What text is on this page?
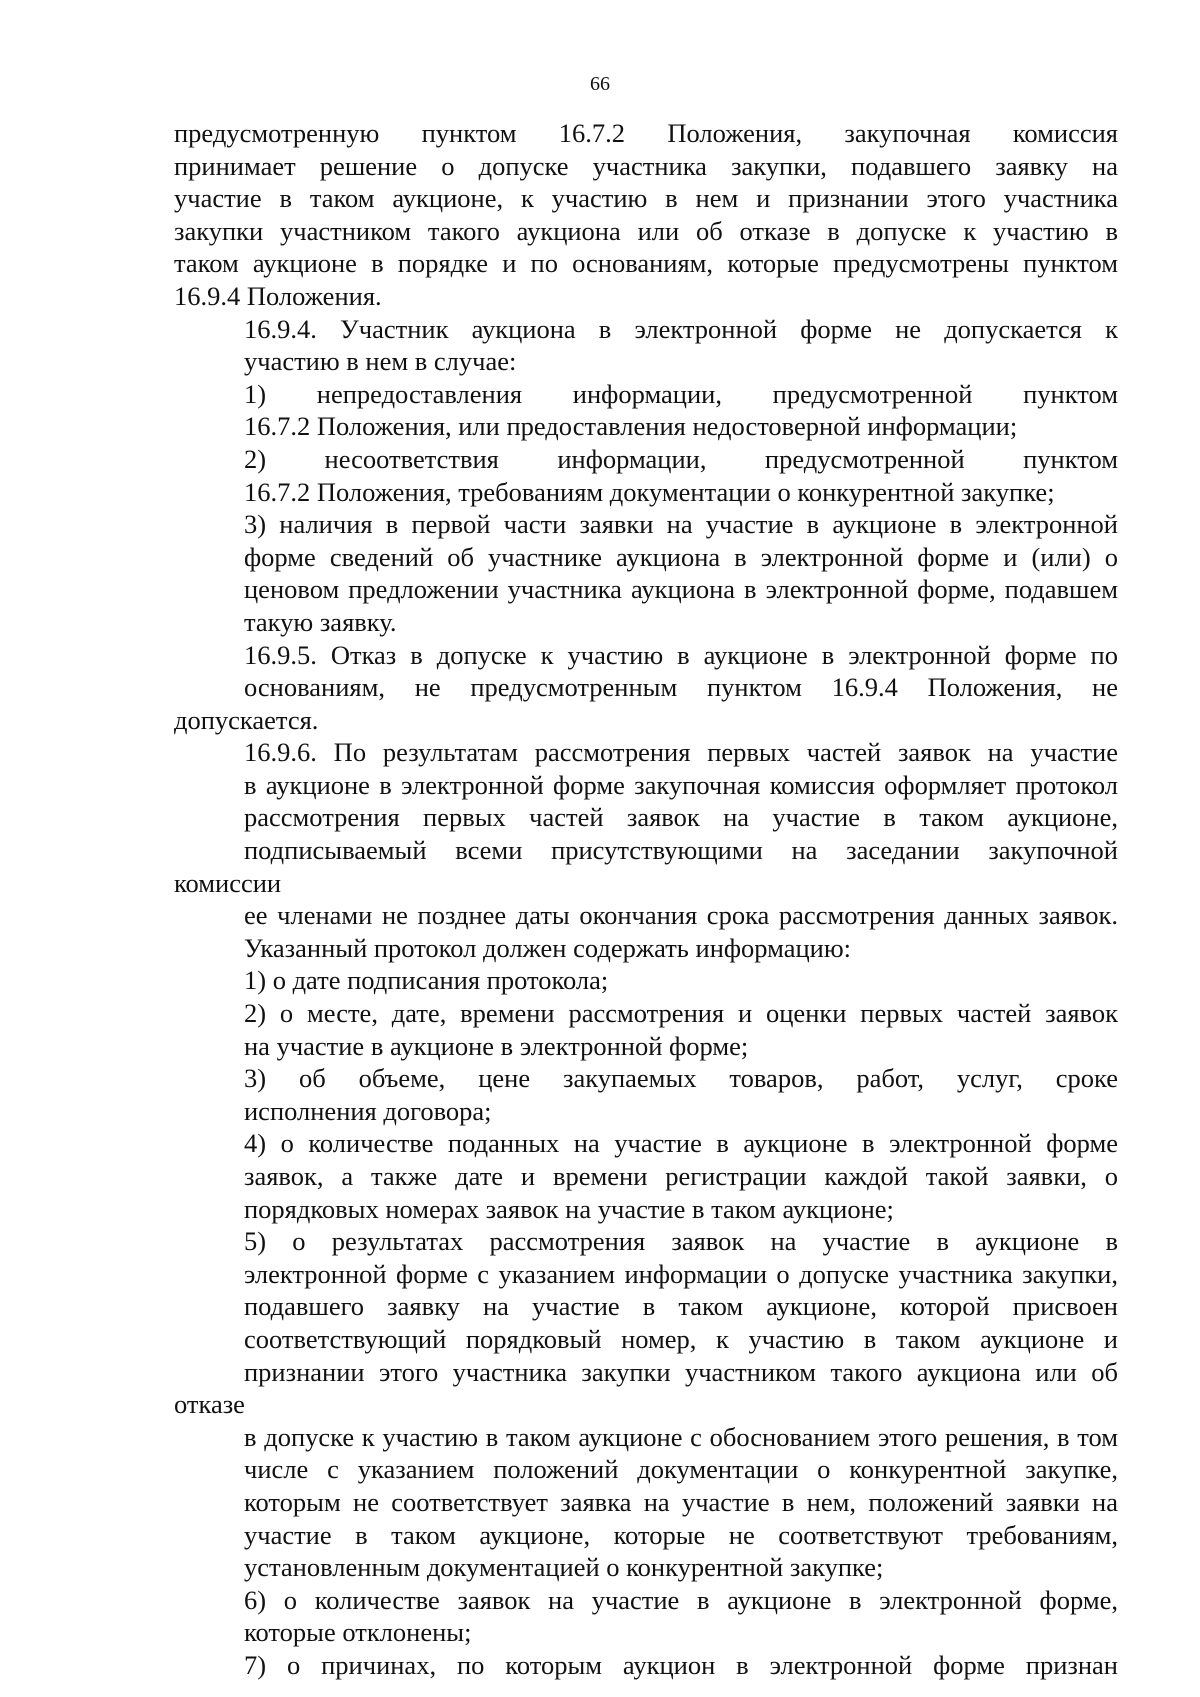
66
предусмотренную пунктом 16.7.2 Положения, закупочная комиссия
принимает решение о допуске участника закупки, подавшего заявку на
участие в таком аукционе, к участию в нем и признании этого участника
закупки участником такого аукциона или об отказе в допуске к участию в
таком аукционе в порядке и по основаниям, которые предусмотрены пунктом
16.9.4 Положения.
16.9.4. Участник аукциона в электронной форме не допускается к
участию в нем в случае:
1) непредоставления информации, предусмотренной пунктом
16.7.2 Положения, или предоставления недостоверной информации;
2) несоответствия информации, предусмотренной пунктом
16.7.2 Положения, требованиям документации о конкурентной закупке;
3) наличия в первой части заявки на участие в аукционе в электронной
форме сведений об участнике аукциона в электронной форме и (или) о
ценовом предложении участника аукциона в электронной форме, подавшем
такую заявку.
16.9.5. Отказ в допуске к участию в аукционе в электронной форме по
основаниям, не предусмотренным пунктом 16.9.4 Положения, не допускается.
16.9.6. По результатам рассмотрения первых частей заявок на участие
в аукционе в электронной форме закупочная комиссия оформляет протокол
рассмотрения первых частей заявок на участие в таком аукционе,
подписываемый всеми присутствующими на заседании закупочной комиссии
ее членами не позднее даты окончания срока рассмотрения данных заявок.
Указанный протокол должен содержать информацию:
1) о дате подписания протокола;
2) о месте, дате, времени рассмотрения и оценки первых частей заявок
на участие в аукционе в электронной форме;
3) об объеме, цене закупаемых товаров, работ, услуг, сроке
исполнения договора;
4) о количестве поданных на участие в аукционе в электронной форме
заявок, а также дате и времени регистрации каждой такой заявки, о
порядковых номерах заявок на участие в таком аукционе;
5) о результатах рассмотрения заявок на участие в аукционе в
электронной форме с указанием информации о допуске участника закупки,
подавшего заявку на участие в таком аукционе, которой присвоен
соответствующий порядковый номер, к участию в таком аукционе и
признании этого участника закупки участником такого аукциона или об отказе
в допуске к участию в таком аукционе с обоснованием этого решения, в том
числе с указанием положений документации о конкурентной закупке,
которым не соответствует заявка на участие в нем, положений заявки на
участие в таком аукционе, которые не соответствуют требованиям,
установленным документацией о конкурентной закупке;
6) о количестве заявок на участие в аукционе в электронной форме,
которые отклонены;
7) о причинах, по которым аукцион в электронной форме признан
